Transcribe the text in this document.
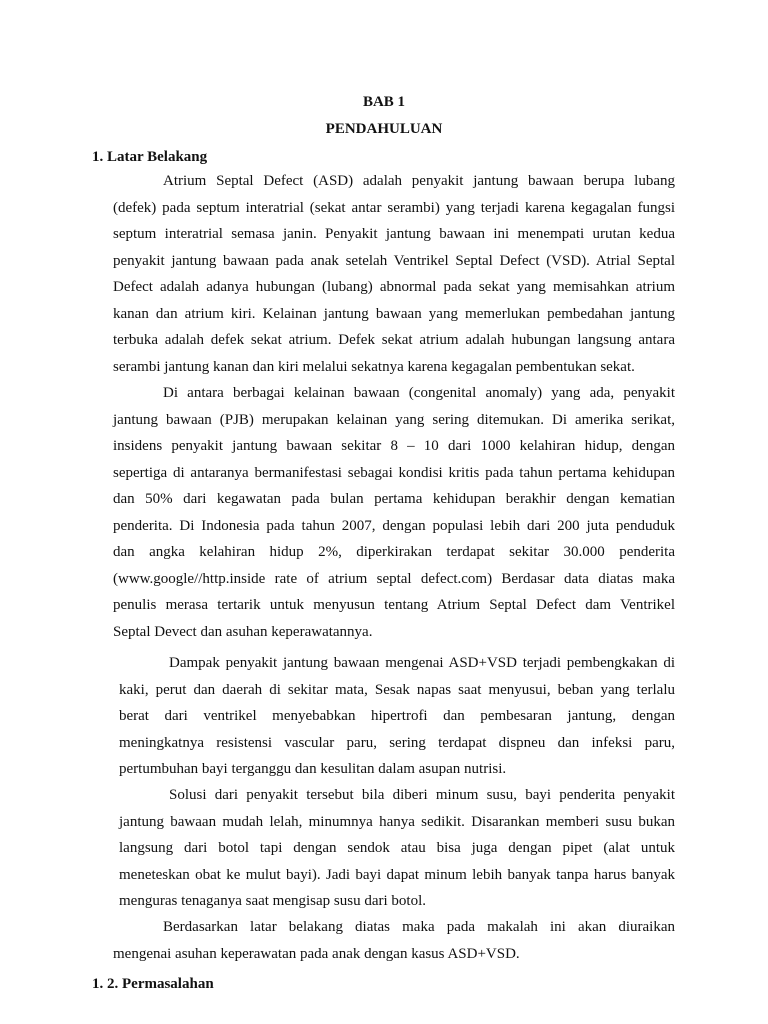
BAB 1

PENDAHULUAN

1. Latar Belakang

Atrium Septal Defect (ASD) adalah penyakit jantung bawaan berupa lubang
(defek) pada septum interatrial (sekat antar serambi) yang terjadi karena kegagalan fungsi
septum interatrial semasa janin. Penyakit jantung bawaan ini menempati urutan kedua
penyakit jantung bawaan pada anak setelah Ventrikel Septal Defect (VSD). Atrial Septal
Defect adalah adanya hubungan (lubang) abnormal pada sekat yang memisahkan atrium
kanan dan atrium kiri. Kelainan jantung bawaan yang memerlukan pembedahan jantung
terbuka adalah defek sekat atrium. Defek sekat atrium adalah hubungan langsung antara
serambi jantung kanan dan kiri melalui sekatnya karena kegagalan pembentukan sekat.
Di antara berbagai kelainan bawaan (congenital anomaly) yang ada, penyakit
jantung bawaan (PJB) merupakan kelainan yang sering ditemukan. Di amerika serikat,
insidens penyakit jantung bawaan sekitar 8 – 10 dari 1000 kelahiran hidup, dengan
sepertiga di antaranya bermanifestasi sebagai kondisi kritis pada tahun pertama kehidupan
dan 50% dari kegawatan pada bulan pertama kehidupan berakhir dengan kematian
penderita. Di Indonesia pada tahun 2007, dengan populasi lebih dari 200 juta penduduk
dan angka kelahiran hidup 2%, diperkirakan terdapat sekitar 30.000 penderita
(www.google//http.inside rate of atrium septal defect.com) Berdasar data diatas maka
penulis merasa tertarik untuk menyusun tentang Atrium Septal Defect dam Ventrikel
Septal Devect dan asuhan keperawatannya.
Dampak penyakit jantung bawaan mengenai ASD+VSD terjadi pembengkakan di
kaki, perut dan daerah di sekitar mata, Sesak napas saat menyusui, beban yang terlalu
berat dari ventrikel menyebabkan hipertrofi dan pembesaran jantung, dengan
meningkatnya resistensi vascular paru, sering terdapat dispneu dan infeksi paru,
pertumbuhan bayi terganggu dan kesulitan dalam asupan nutrisi.
Solusi dari penyakit tersebut bila diberi minum susu, bayi penderita penyakit
jantung bawaan mudah lelah, minumnya hanya sedikit. Disarankan memberi susu bukan
langsung dari botol tapi dengan sendok atau bisa juga dengan pipet (alat untuk
meneteskan obat ke mulut bayi). Jadi bayi dapat minum lebih banyak tanpa harus banyak
menguras tenaganya saat mengisap susu dari botol.
Berdasarkan latar belakang diatas maka pada makalah ini akan diuraikan
mengenai asuhan keperawatan pada anak dengan kasus ASD+VSD.

1. 2. Permasalahan
